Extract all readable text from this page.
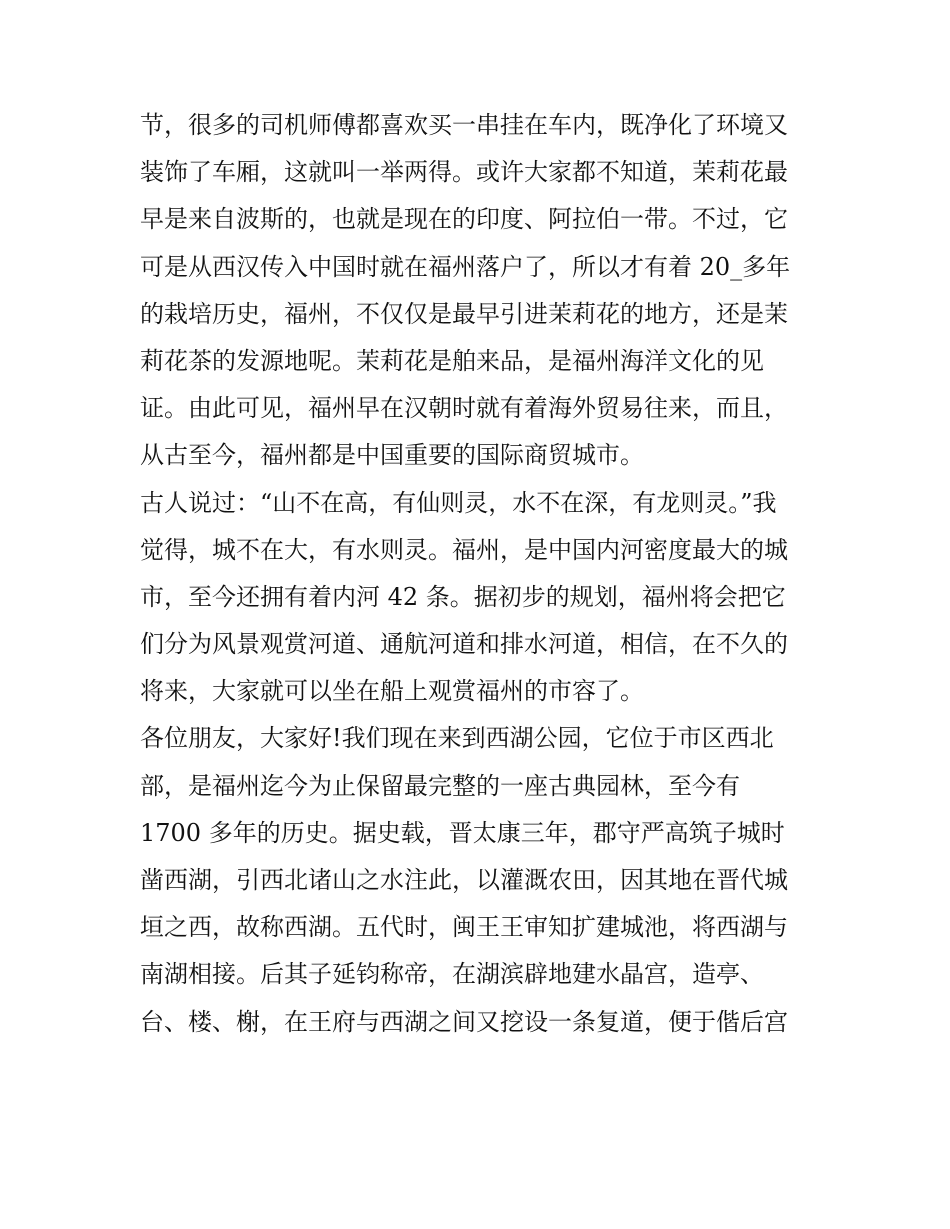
节，很多的司机师傅都喜欢买一串挂在车内，既净化了环境又
装饰了车厢，这就叫一举两得。或许大家都不知道，茉莉花最
早是来自波斯的，也就是现在的印度、阿拉伯一带。不过，它
可是从西汉传入中国时就在福州落户了，所以才有着 20_多年
的栽培历史，福州，不仅仅是最早引进茉莉花的地方，还是茉
莉花茶的发源地呢。茉莉花是舶来品，是福州海洋文化的见
证。由此可见，福州早在汉朝时就有着海外贸易往来，而且，
从古至今，福州都是中国重要的国际商贸城市。
古人说过：“山不在高，有仙则灵，水不在深，有龙则灵。”我
觉得，城不在大，有水则灵。福州，是中国内河密度最大的城
市，至今还拥有着内河 42 条。据初步的规划，福州将会把它
们分为风景观赏河道、通航河道和排水河道，相信，在不久的
将来，大家就可以坐在船上观赏福州的市容了。
各位朋友，大家好!我们现在来到西湖公园，它位于市区西北
部，是福州迄今为止保留最完整的一座古典园林，至今有
1700 多年的历史。据史载，晋太康三年，郡守严高筑子城时
凿西湖，引西北诸山之水注此，以灌溉农田，因其地在晋代城
垣之西，故称西湖。五代时，闽王王审知扩建城池，将西湖与
南湖相接。后其子延钧称帝，在湖滨辟地建水晶宫，造亭、
台、楼、榭，在王府与西湖之间又挖设一条复道，便于偕后宫
